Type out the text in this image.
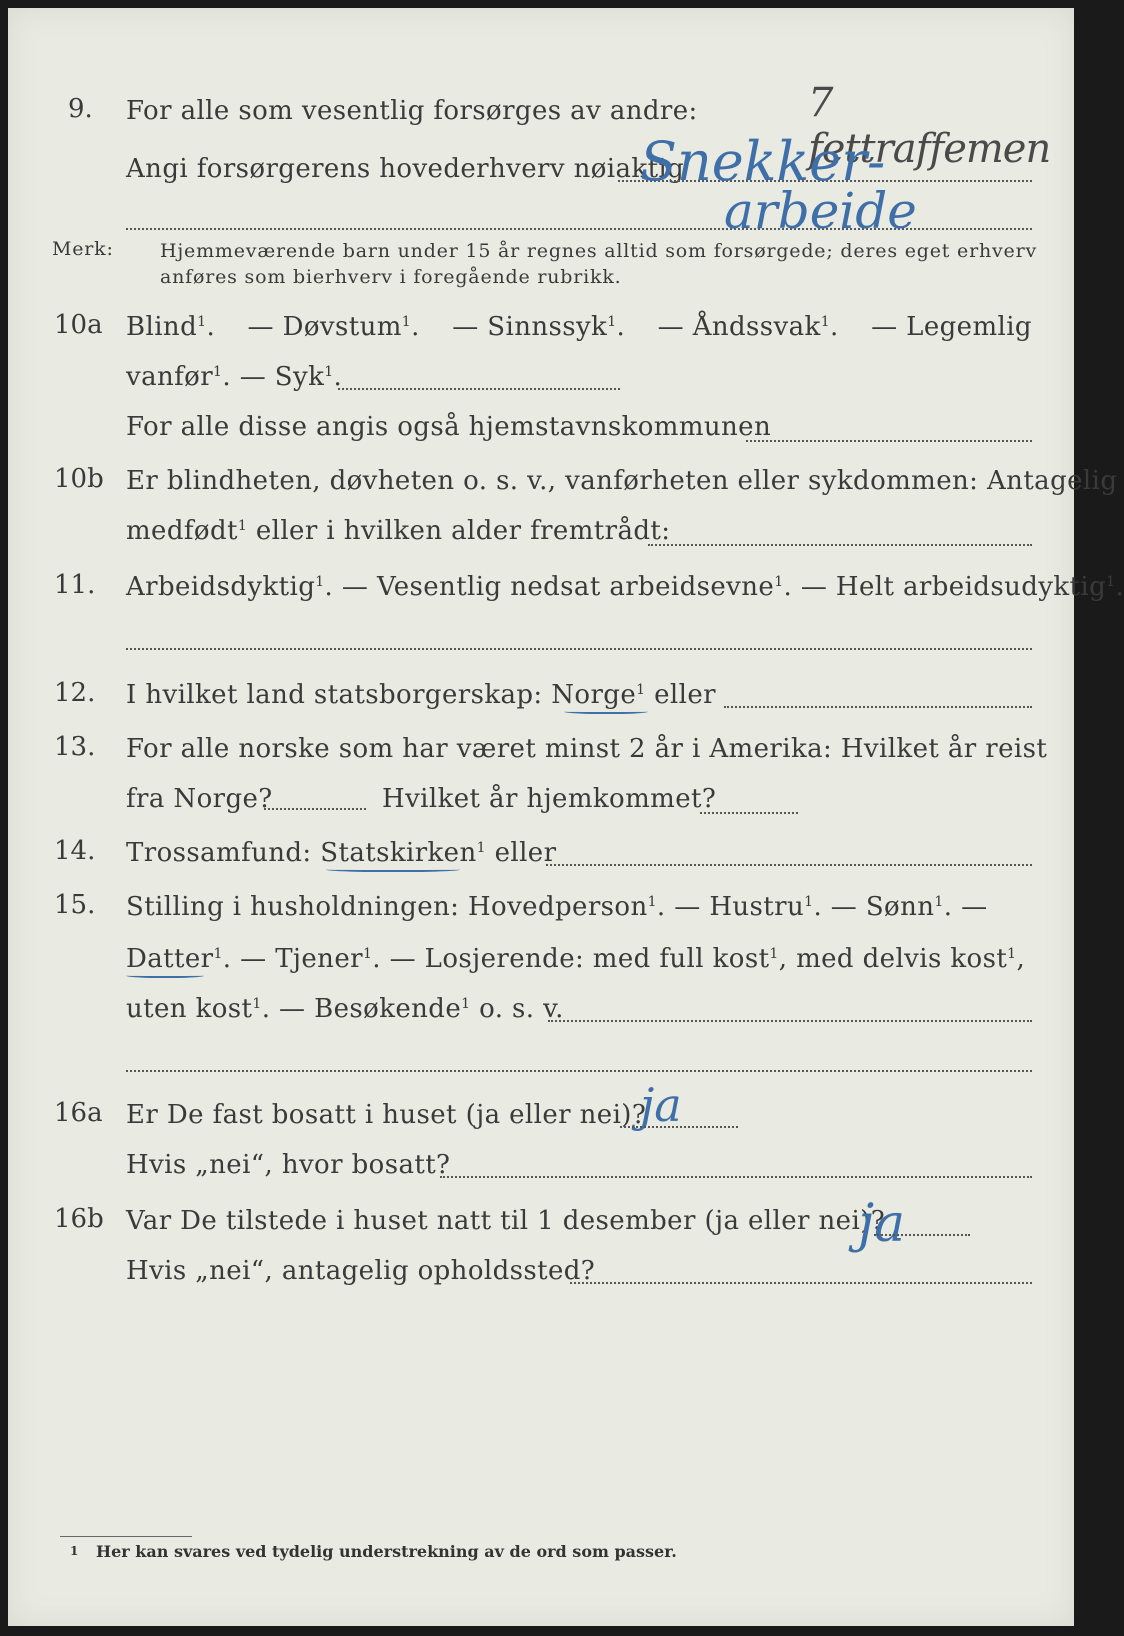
9. For alle som vesentlig forsørges av andre:	7 fettraffemen
Angi forsørgerens hovederhverv nøiaktig
Snekker-
arbeide
Merk: Hjemmeværende barn under 15 år regnes alltid som forsørgede; deres eget erhverv
anføres som bierhverv i foregående rubrikk.
10a Blind$^1$. — Døvstum$^1$. — Sinnssyk$^1$. — Åndssvak$^1$. — Legemlig
vanfør$^1$. — Syk$^1$.
For alle disse angis også hjemstavnskommunen
10b Er blindheten, døvheten o. s. v., vanførheten eller sykdommen: Antagelig
medfødt$^1$ eller i hvilken alder fremtrådt:
11. Arbeidsdyktig$^1$. — Vesentlig nedsat arbeidsevne$^1$. — Helt arbeidsudyktig$^1$.
12. I hvilket land statsborgerskap: Norge$^1$ eller
13. For alle norske som har været minst 2 år i Amerika: Hvilket år reist
fra Norge?	Hvilket år hjemkommet?
14. Trossamfund: Statskirken$^1$ eller
15. Stilling i husholdningen: Hovedperson$^1$. — Hustru$^1$. — Sønn$^1$. —
Datter$^1$. — Tjener$^1$. — Losjerende: med full kost$^1$, med delvis kost$^1$,
uten kost$^1$. — Besøkende$^1$ o. s. v.
16a Er De fast bosatt i huset (ja eller nei)?
ja
Hvis „nei“, hvor bosatt?
16b Var De tilstede i huset natt til 1 desember (ja eller nei)?
ja
Hvis „nei“, antagelig opholdssted?
1 Her kan svares ved tydelig understrekning av de ord som passer.
